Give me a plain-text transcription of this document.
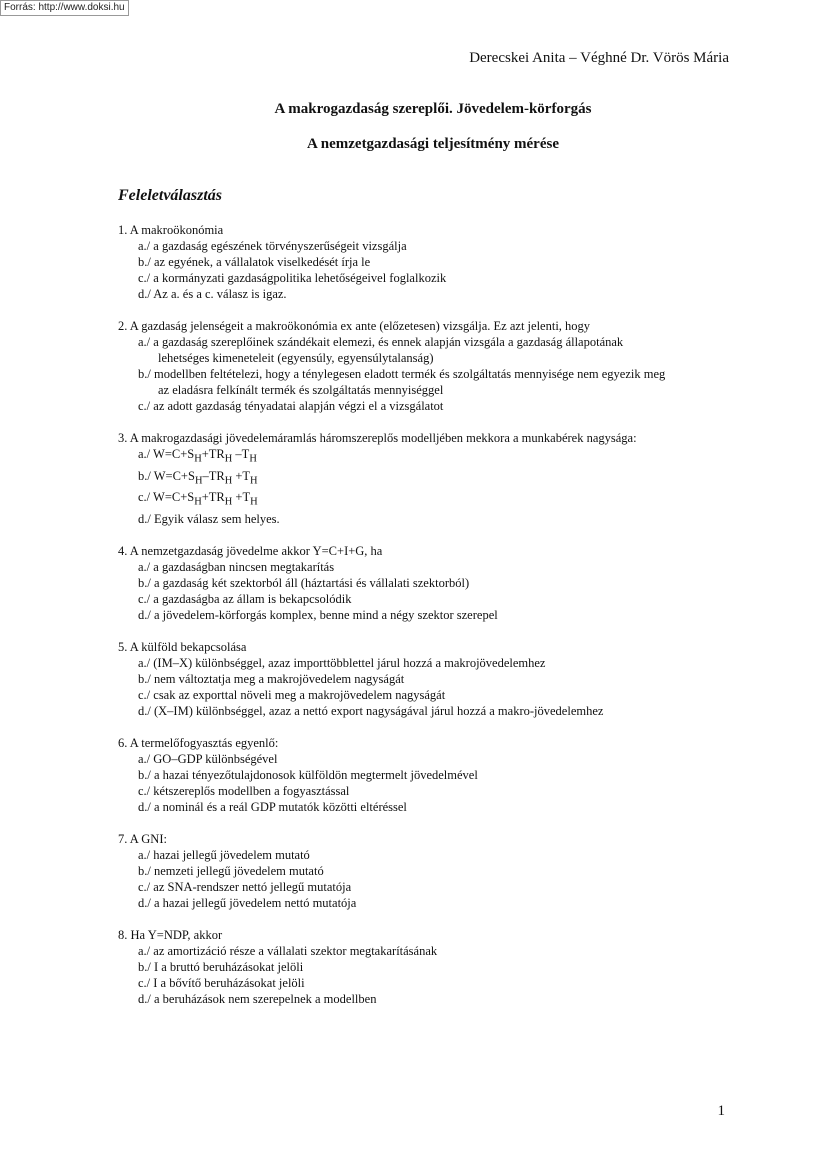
Forrás: http://www.doksi.hu
Derecskei Anita – Véghné Dr. Vörös Mária
A makrogazdaság szereplői. Jövedelem-körforgás
A nemzetgazdasági teljesítmény mérése
Feleletválasztás
1. A makroökonómia
a./ a gazdaság egészének törvényszerűségeit vizsgálja
b./ az egyének, a vállalatok viselkedését írja le
c./ a kormányzati gazdaságpolitika lehetőségeivel foglalkozik
d./ Az a. és a c. válasz is igaz.
2. A gazdaság jelenségeit a makroökonómia ex ante (előzetesen) vizsgálja. Ez azt jelenti, hogy
a./ a gazdaság szereplőinek szándékait elemezi, és ennek alapján vizsgála a gazdaság állapotának
lehetséges kimeneteleit (egyensúly, egyensúlytalanság)
b./ modellben feltételezi, hogy a ténylegesen eladott termék és szolgáltatás mennyisége nem egyezik meg
az eladásra felkínált termék és szolgáltatás mennyiséggel
c./ az adott gazdaság tényadatai alapján végzi el a vizsgálatot
3. A makrogazdasági jövedelemáramlás háromszereplős modelljében mekkora a munkabérek nagysága:
a./ $W=C+S_H+TR_H$ $-T_H$
b./ $W=C+S_H-TR_H +T_H$
c./ $W=C+S_H+TR_H +T_H$
d./ Egyik válasz sem helyes.
4. A nemzetgazdaság jövedelme akkor Y=C+I+G, ha
a./ a gazdaságban nincsen megtakarítás
b./ a gazdaság két szektorból áll (háztartási és vállalati szektorból)
c./ a gazdaságba az állam is bekapcsolódik
d./ a jövedelem-körforgás komplex, benne mind a négy szektor szerepel
5. A külföld bekapcsolása
a./ (IM–X) különbséggel, azaz importtöbblettel járul hozzá a makrojövedelemhez
b./ nem változtatja meg a makrojövedelem nagyságát
c./ csak az exporttal növeli meg a makrojövedelem nagyságát
d./ (X–IM) különbséggel, azaz a nettó export nagyságával járul hozzá a makro-jövedelemhez
6. A termelőfogyasztás egyenlő:
a./ GO–GDP különbségével
b./ a hazai tényezőtulajdonosok külföldön megtermelt jövedelmével
c./ kétszereplős modellben a fogyasztással
d./ a nominál és a reál GDP mutatók közötti eltéréssel
7. A GNI:
a./ hazai jellegű jövedelem mutató
b./ nemzeti jellegű jövedelem mutató
c./ az SNA-rendszer nettó jellegű mutatója
d./ a hazai jellegű jövedelem nettó mutatója
8. Ha Y=NDP, akkor
a./ az amortizáció része a vállalati szektor megtakarításának
b./ I a bruttó beruházásokat jelöli
c./ I a bővítő beruházásokat jelöli
d./ a beruházások nem szerepelnek a modellben
1
